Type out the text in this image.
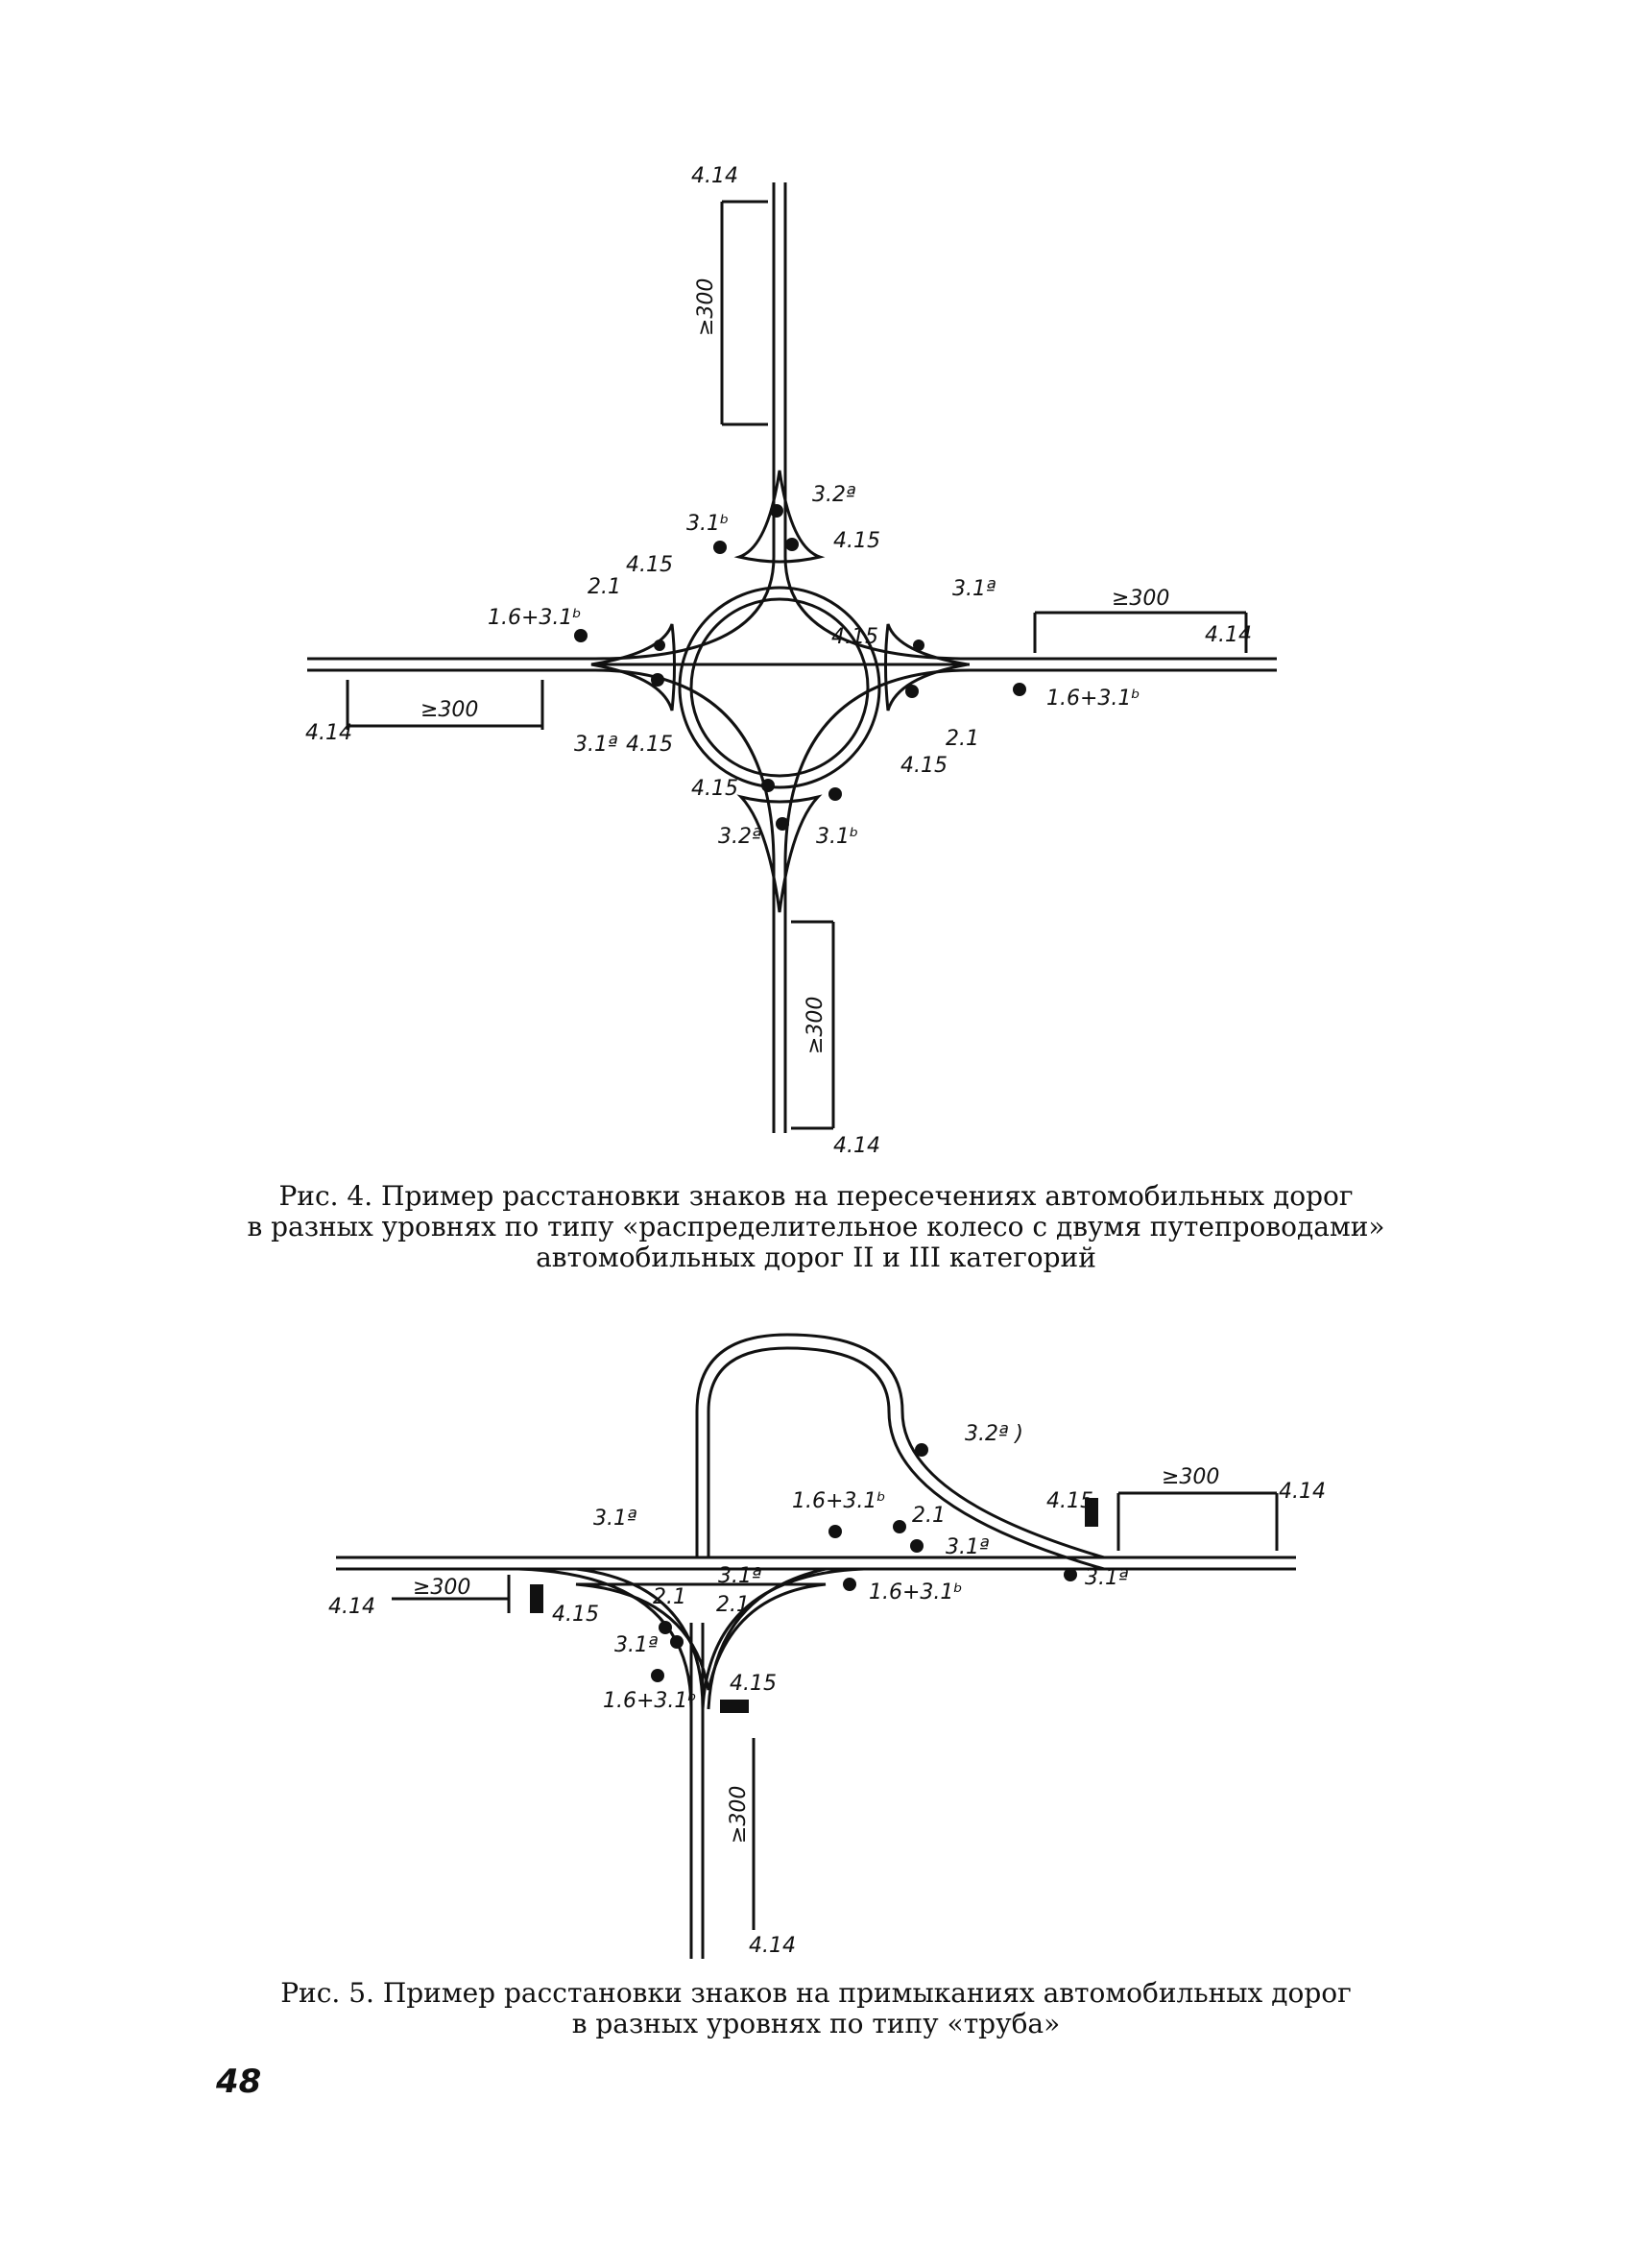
4.14
≥300
3.2ª
3.1ᵇ
4.15
4.15
2.1
1.6+3.1ᵇ
3.1ª 4.15
4.14
≥300
3.1ª	≥300
4.14
4.15
1.6+3.1ᵇ
2.1
4.15
4.15
3.2ª	3.1ᵇ
≥300
4.14
Рис. 4. Пример расстановки знаков на пересечениях автомобильных дорог
в разных уровнях по типу «распределительное колесо с двумя путепроводами»
автомобильных дорог II и III категорий
3.2ª )
≥300
4.14
4.15
1.6+3.1ᵇ
2.1
3.1ª
3.1ª
≥300
4.14	4.15
2.1
3.1ª
2.1
3.1ª
1.6+3.1ᵇ
1.6+3.1ᵇ
3.1ª
4.15
≥300
4.14
Рис. 5. Пример расстановки знаков на примыканиях автомобильных дорог
в разных уровнях по типу «труба»
48
